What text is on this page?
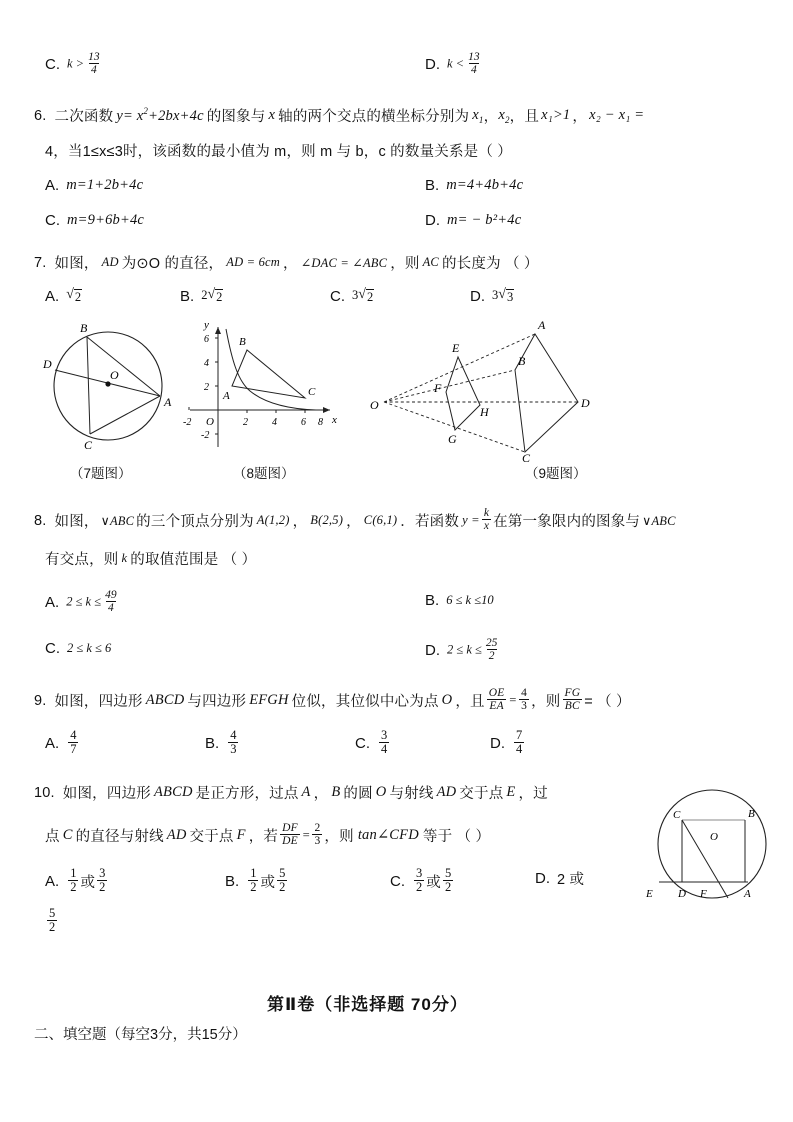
C. $k > \frac{13}{4}$	D. $k < \frac{13}{4}$
6. 二次函数 $y= x^2+2bx+4c$ 的图象与 x 轴的两个交点的横坐标分别为 $x_1$ ， $x_2$ ，且 x₁>1 ， x₂ − x₁ =
4，当1≤x≤3时，该函数的最小值为 m，则 m 与 b，c 的数量关系是（ ）
A. m=1+2b+4c	B. m=4+4b+4c
C. m=9+6b+4c	D. m= − b²+4c
7. 如图， AD 为⊙O 的直径， AD = 6cm ， ∠DAC = ∠ABC ，则 AC 的长度为 （ ）
A. √ 2	B. 2 √ 2	C. 3 √ 2	D. 3 √ 3
B
D
O
A
C
（7题图）
B
A	C
y
x
O
-2	2 4 6 8
6
4
2
-2
（8题图）
O
A
B
C
D
E
F
G
H
（9题图）
8. 如图， ∨ABC 的三个顶点分别为 A(1,2) ， B(2,5) ， C(6,1) ．若函数 $y = \frac{k}{x}$ 在第一象限内的图象与 ∨ABC
有交点，则 k 的取值范围是 （ ）
A. $2 \le k \le \frac{49}{4}$	B. 6 ≤ k ≤10
C. 2 ≤ k ≤ 6	D. $2 \le k \le \frac{25}{2}$
9. 如图，四边形 ABCD 与四边形 EFGH 位似，其位似中心为点 O ，且 $\frac{OE}{EA} = \frac{4}{3}$ ，则 $\frac{FG}{BC}$ = （ ）
A. $\frac{4}{7}$	B. $\frac{4}{3}$	C. $\frac{3}{4}$	D. $\frac{7}{4}$
10. 如图，四边形 ABCD 是正方形，过点 A ， B 的圆 O 与射线 AD 交于点 E ，过
点 C 的直径与射线 AD 交于点 F ，若 $\frac{DF}{DE} = \frac{2}{3}$ ，则 tan∠CFD 等于 （ ）
A. $\frac{1}{2}$ 或 $\frac{3}{2}$	B. $\frac{1}{2}$ 或 $\frac{5}{2}$	C. $\frac{3}{2}$ 或 $\frac{5}{2}$	D. 2 或
$\frac{5}{2}$
C	B
O
E D F	A
第Ⅱ卷（非选择题 70分）
二、填空题（每空3分，共15分）
